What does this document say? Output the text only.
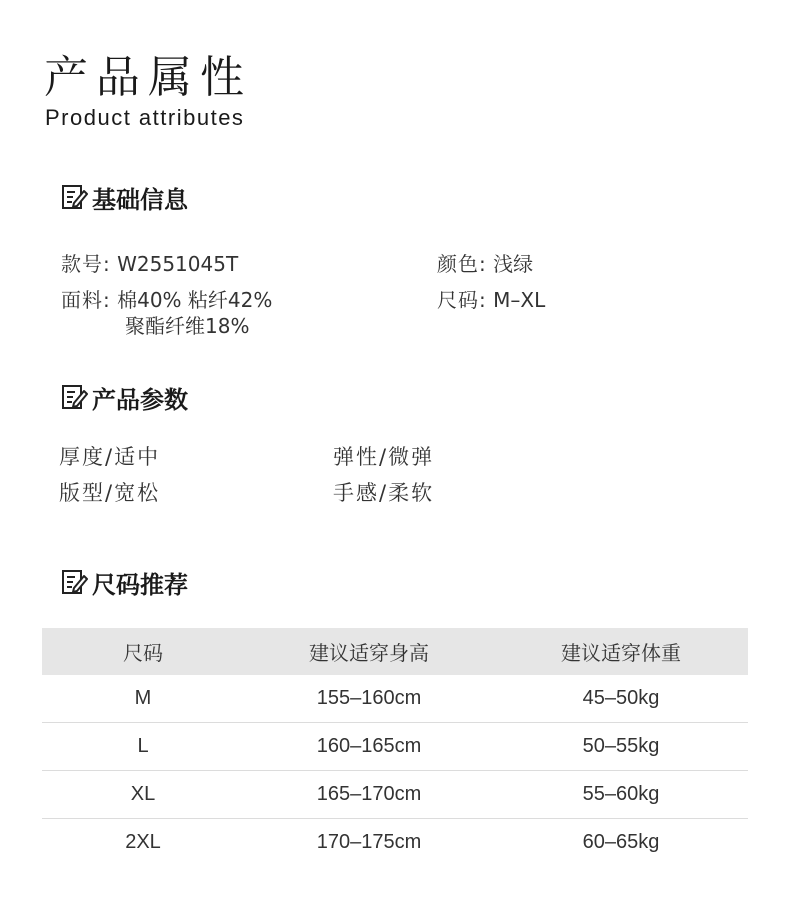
产品属性
Product attributes
基础信息
款号: W2551045T	颜色: 浅绿
面料: 棉40% 粘纤42%
聚酯纤维18%
尺码: M–XL
产品参数
厚度/适中	弹性/微弹
版型/宽松	手感/柔软
尺码推荐
尺码	建议适穿身高	建议适穿体重
M	155–160cm	45–50kg
L	160–165cm	50–55kg
XL	165–170cm	55–60kg
2XL	170–175cm	60–65kg
